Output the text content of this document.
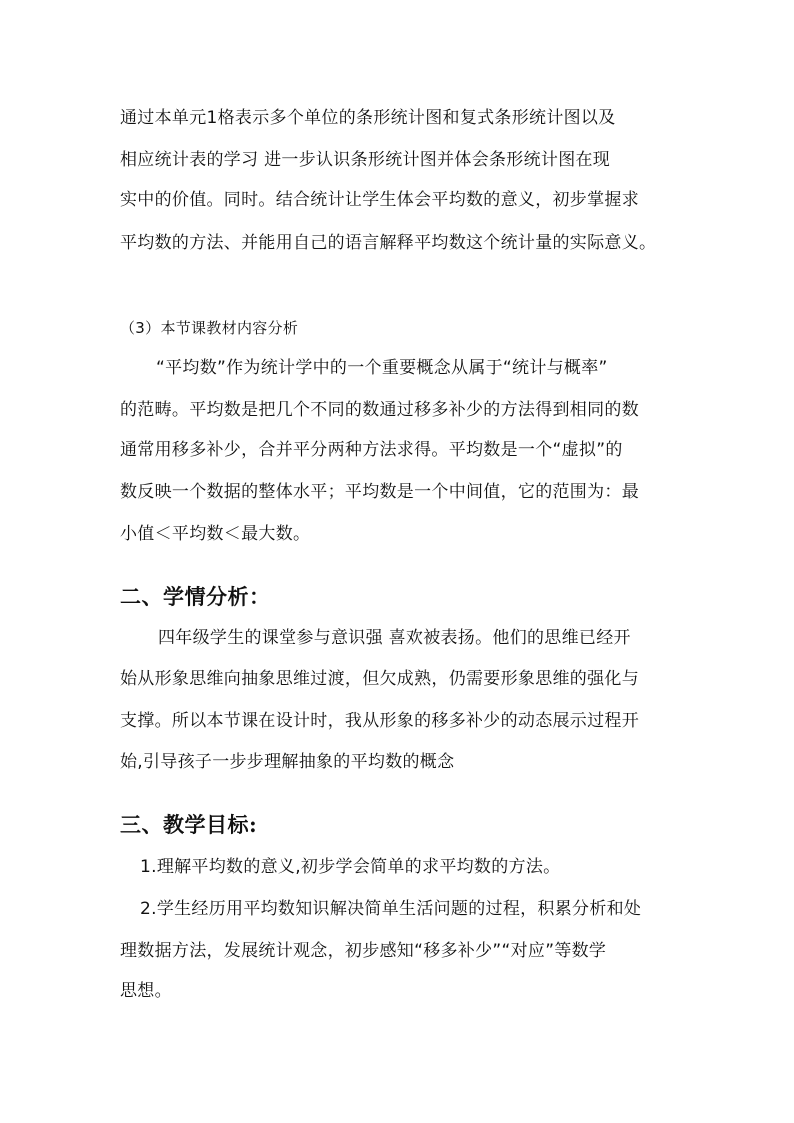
通过本单元1格表示多个单位的条形统计图和复式条形统计图以及
相应统计表的学习 进一步认识条形统计图并体会条形统计图在现
实中的价值。同时。结合统计让学生体会平均数的意义，初步掌握求
平均数的方法、并能用自己的语言解释平均数这个统计量的实际意义。
（3）本节课教材内容分析
“平均数”作为统计学中的一个重要概念从属于“统计与概率”
的范畴。平均数是把几个不同的数通过移多补少的方法得到相同的数
通常用移多补少，合并平分两种方法求得。平均数是一个“虚拟”的
数反映一个数据的整体水平；平均数是一个中间值，它的范围为：最
小值＜平均数＜最大数。
二、学情分析：
四年级学生的课堂参与意识强 喜欢被表扬。他们的思维已经开
始从形象思维向抽象思维过渡，但欠成熟，仍需要形象思维的强化与
支撑。所以本节课在设计时，我从形象的移多补少的动态展示过程开
始,引导孩子一步步理解抽象的平均数的概念
三、教学目标:
1.理解平均数的意义,初步学会简单的求平均数的方法。
2.学生经历用平均数知识解决简单生活问题的过程，积累分析和处
理数据方法，发展统计观念，初步感知“移多补少”“对应”等数学
思想。
